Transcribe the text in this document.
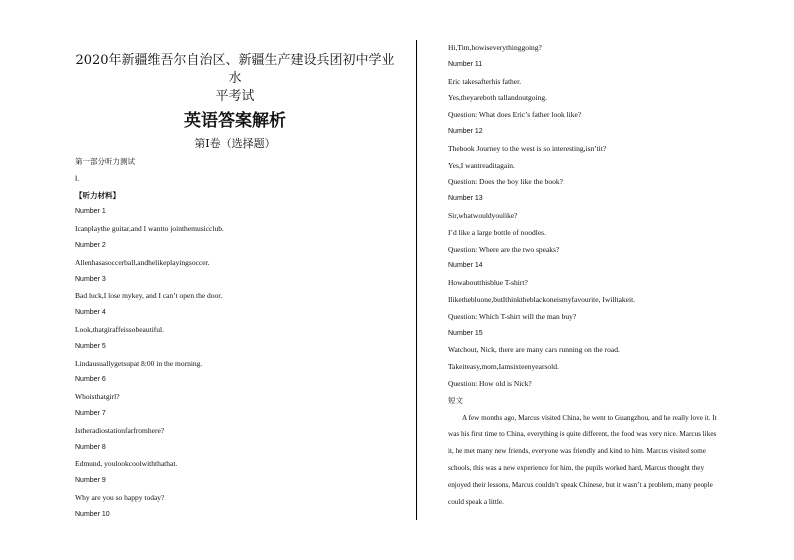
2020年新疆维吾尔自治区、新疆生产建设兵团初中学业水
平考试
英语答案解析
第Ⅰ卷（选择题）
第一部分听力测试
Ⅰ.
【听力材料】
Number 1
Icanplaythe guitar,and I wantto jointhemusicclub.
Number 2
Allenhasasoccerball,andhelikeplayingsoccer.
Number 3
Bad luck,I lose mykey, and I can’t open the door.
Number 4
Look,thatgiraffeissobeautiful.
Number 5
Lindausuallygetsupat 8:00 in the morning.
Number 6
Whoisthatgirl?
Number 7
Istheradiostationfarfromhere?
Number 8
Edmund, youlookcoolwiththathat.
Number 9
Why are you so happy today?
Number 10
Hi,Tim,howiseverythinggoing?
Number 11
Eric takesafterhis father.
Yes,theyareboth tallandoutgoing.
Question: What does Eric’s father look like?
Number 12
Thebook Journey to the west is so interesting,isn’tit?
Yes,I wantreaditagain.
Question: Does the boy like the book?
Number 13
Sir,whatwouldyoulike?
I’d like a large bottle of noodles.
Question: Where are the two speaks?
Number 14
Howaboutthisblue T-shirt?
Ilikethebluone,butIthinktheblackoneismyfavourite, Iwilltakeit.
Question: Which T-shirt will the man buy?
Number 15
Watchout, Nick, there are many cars running on the road.
Takeiteasy,mom,Iamsixteenyearsold.
Question: How old is Nick?
短文
A few months ago, Marcus visited China, he went to Guangzhou, and he really love it. It
was his first time to China, everything is quite different, the food was very nice. Marcus likes
it, he met many new friends, everyone was friendly and kind to him. Marcus visited some
schools, this was a new experience for him, the pupils worked hard, Marcus thought they
enjoyed their lessons, Marcus couldn’t speak Chinese, but it wasn’t a problem, many people
could speak a little.
